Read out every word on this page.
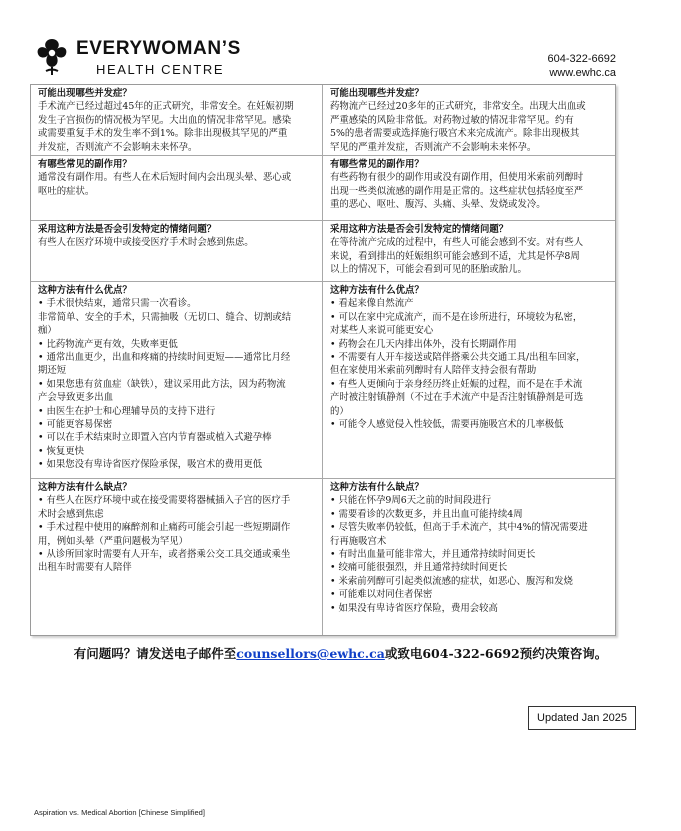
EVERYWOMAN’S
HEALTH CENTRE
604-322-6692
www.ewhc.ca
可能出现哪些并发症？
手术流产已经过超过45年的正式研究，非常安全。在妊娠初期
发生子宫损伤的情况极为罕见。大出血的情况非常罕见。感染
或需要重复手术的发生率不到1%。除非出现极其罕见的严重
并发症，否则流产不会影响未来怀孕。
可能出现哪些并发症？
药物流产已经过20多年的正式研究，非常安全。出现大出血或
严重感染的风险非常低。对药物过敏的情况非常罕见。约有
5%的患者需要或选择施行吸宫术来完成流产。除非出现极其
罕见的严重并发症，否则流产不会影响未来怀孕。
有哪些常见的副作用？
通常没有副作用。有些人在术后短时间内会出现头晕、恶心或
呕吐的症状。
有哪些常见的副作用？
有些药物有很少的副作用或没有副作用，但使用米索前列醇时
出现一些类似流感的副作用是正常的。这些症状包括轻度至严
重的恶心、呕吐、腹泻、头痛、头晕、发烧或发冷。
采用这种方法是否会引发特定的情绪问题？
有些人在医疗环境中或接受医疗手术时会感到焦虑。
采用这种方法是否会引发特定的情绪问题？
在等待流产完成的过程中，有些人可能会感到不安。对有些人
来说，看到排出的妊娠组织可能会感到不适，尤其是怀孕8周
以上的情况下，可能会看到可见的胚胎或胎儿。
这种方法有什么优点？
• 手术很快结束，通常只需一次看诊。
非常简单、安全的手术，只需抽吸（无切口、缝合、切割或结
痂）
• 比药物流产更有效，失败率更低
• 通常出血更少，出血和疼痛的持续时间更短——通常比月经
期还短
• 如果您患有贫血症（缺铁），建议采用此方法，因为药物流
产会导致更多出血
• 由医生在护士和心理辅导员的支持下进行
• 可能更容易保密
• 可以在手术结束时立即置入宫内节育器或植入式避孕棒
• 恢复更快
• 如果您没有卑诗省医疗保险承保，吸宫术的费用更低
这种方法有什么优点？
• 看起来像自然流产
• 可以在家中完成流产，而不是在诊所进行，环境较为私密，
对某些人来说可能更安心
• 药物会在几天内排出体外，没有长期副作用
• 不需要有人开车接送或陪伴搭乘公共交通工具/出租车回家，
但在家使用米索前列醇时有人陪伴支持会很有帮助
• 有些人更倾向于亲身经历终止妊娠的过程，而不是在手术流
产时被注射镇静剂（不过在手术流产中是否注射镇静剂是可选
的）
• 可能令人感觉侵入性较低，需要再施吸宫术的几率极低
这种方法有什么缺点？
• 有些人在医疗环境中或在接受需要将器械插入子宫的医疗手
术时会感到焦虑
• 手术过程中使用的麻醉剂和止痛药可能会引起一些短期副作
用，例如头晕（严重问题极为罕见）
• 从诊所回家时需要有人开车，或者搭乘公交工具交通或乘坐
出租车时需要有人陪伴
这种方法有什么缺点？
• 只能在怀孕9周6天之前的时间段进行
• 需要看诊的次数更多，并且出血可能持续4周
• 尽管失败率仍较低，但高于手术流产，其中4%的情况需要进
行再施吸宫术
• 有时出血量可能非常大，并且通常持续时间更长
• 绞痛可能很强烈，并且通常持续时间更长
• 米索前列醇可引起类似流感的症状，如恶心、腹泻和发烧
• 可能难以对同住者保密
• 如果没有卑诗省医疗保险，费用会较高
有问题吗？请发送电子邮件至counsellors@ewhc.ca或致电604-322-6692预约决策咨询。
Updated Jan 2025
Aspiration vs. Medical Abortion [Chinese Simplified]
